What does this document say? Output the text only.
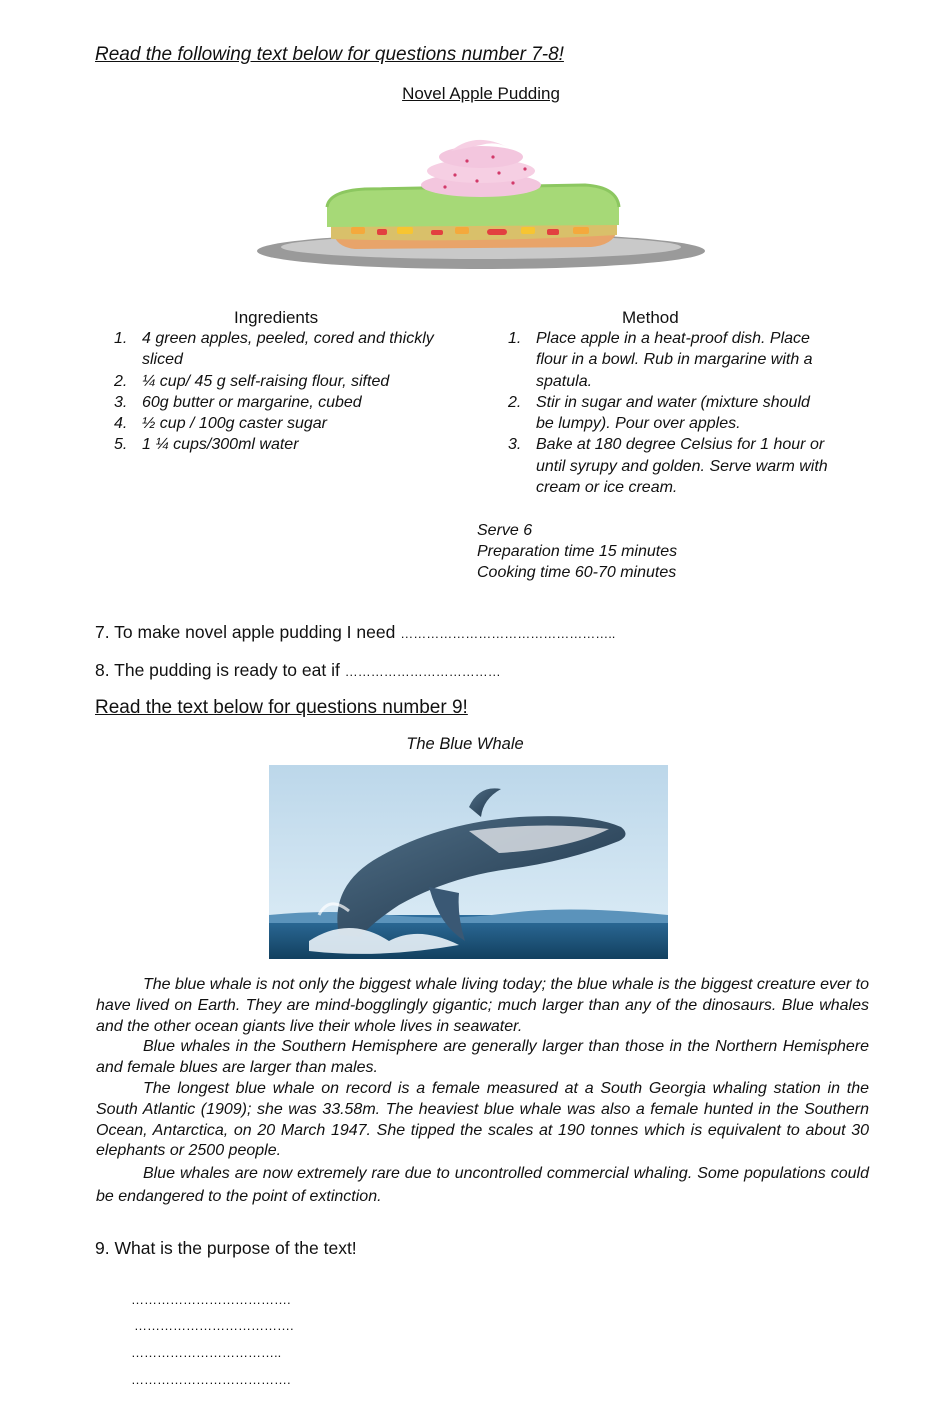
Read the following text below for questions number 7-8!
Novel Apple Pudding
Ingredients
1. 4 green apples, peeled, cored and thickly sliced
2. ¼ cup/ 45 g self-raising flour, sifted
3. 60g butter or margarine, cubed
4. ½ cup / 100g caster sugar
5. 1 ¼ cups/300ml water
Method
1. Place apple in a heat-proof dish. Place flour in a bowl. Rub in margarine with a spatula.
2. Stir in sugar and water (mixture should be lumpy). Pour over apples.
3. Bake at 180 degree Celsius for 1 hour or until syrupy and golden. Serve warm with cream or ice cream.
Serve 6
Preparation time 15 minutes
Cooking time 60-70 minutes
7. To make novel apple pudding I need …………………………………………..
8. The pudding is ready to eat if ………………………………
Read the text below for questions number 9!
The Blue Whale

The blue whale is not only the biggest whale living today; the blue whale is the biggest creature ever to have lived on Earth. They are mind-bogglingly gigantic; much larger than any of the dinosaurs. Blue whales and the other ocean giants live their whole lives in seawater.

Blue whales in the Southern Hemisphere are generally larger than those in the Northern Hemisphere and female blues are larger than males.

The longest blue whale on record is a female measured at a South Georgia whaling station in the South Atlantic (1909); she was 33.58m. The heaviest blue whale was also a female hunted in the Southern Ocean, Antarctica, on 20 March 1947. She tipped the scales at 190 tonnes which is equivalent to about 30 elephants or 2500 people.

Blue whales are now extremely rare due to uncontrolled commercial whaling. Some populations could be endangered to the point of extinction.

9. What is the purpose of the text!
……………………………….
……………………………….
……………………………..
……………………………….
